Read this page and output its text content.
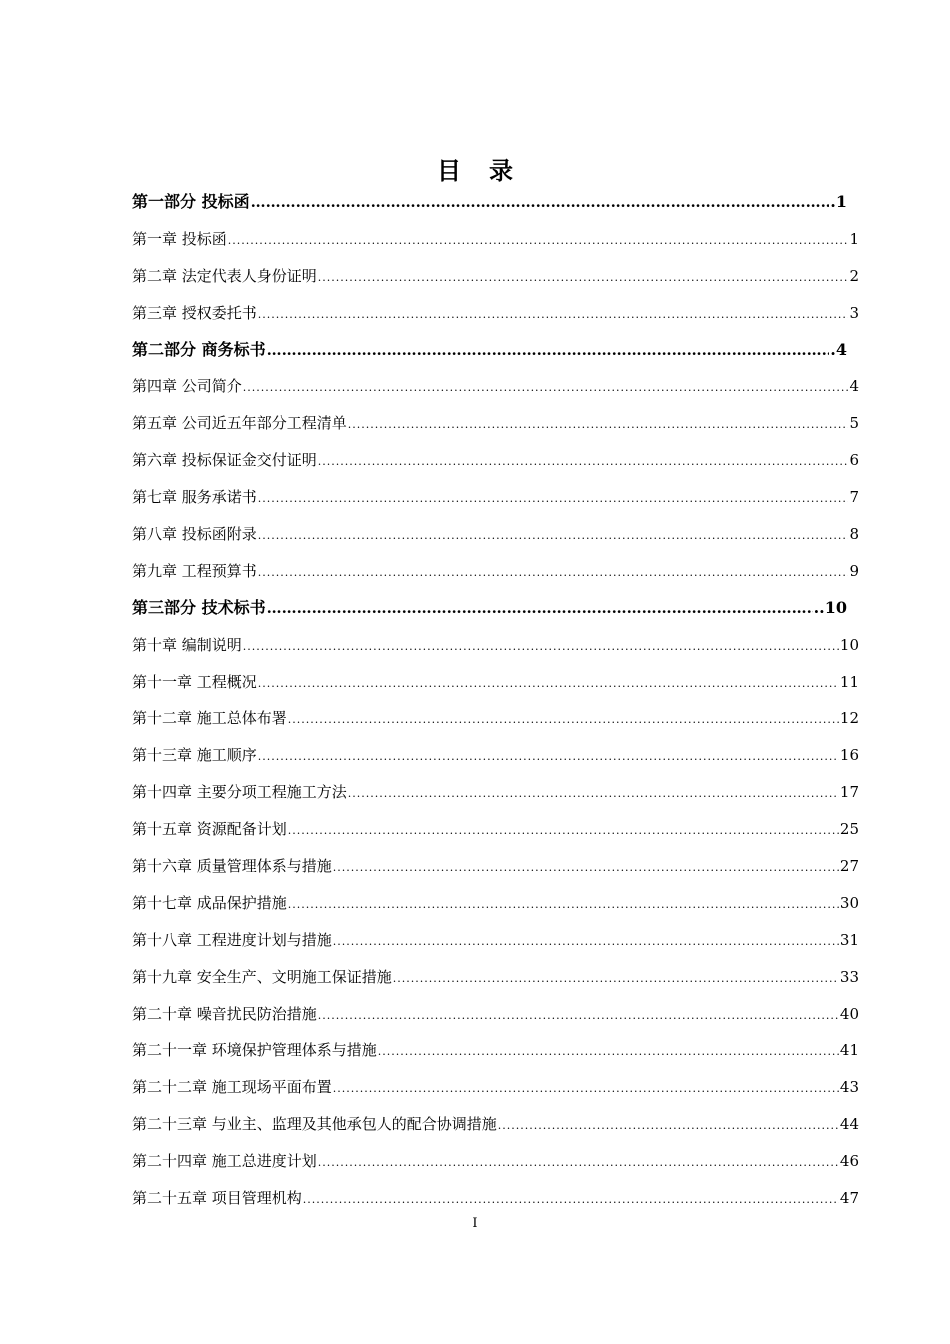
目 录
第一部分 投标函 …………………………………………………………………………………………………………………………………	.1
第一章 投标函 .....	1
第二章 法定代表人身份证明 .....	2
第三章 授权委托书 .....	3
第二部分 商务标书 …………………………………………………………………………………………………………………………………	.4
第四章 公司简介 .....	4
第五章 公司近五年部分工程清单 .....	5
第六章 投标保证金交付证明 .....	6
第七章 服务承诺书 .....	7
第八章 投标函附录 .....	8
第九章 工程预算书 .....	9
第三部分 技术标书 …………………………………………………………………………………………………………………………………	..10
第十章 编制说明 .....	10
第十一章 工程概况 .....	11
第十二章 施工总体布署 .....	12
第十三章 施工顺序 .....	16
第十四章 主要分项工程施工方法 .....	17
第十五章 资源配备计划 .....	25
第十六章 质量管理体系与措施 .....	27
第十七章 成品保护措施 .....	30
第十八章 工程进度计划与措施 .....	31
第十九章 安全生产、文明施工保证措施 .....	33
第二十章 噪音扰民防治措施 .....	40
第二十一章 环境保护管理体系与措施 .....	41
第二十二章 施工现场平面布置 .....	43
第二十三章 与业主、监理及其他承包人的配合协调措施 .....	44
第二十四章 施工总进度计划 .....	46
第二十五章 项目管理机构 .....	47
I
